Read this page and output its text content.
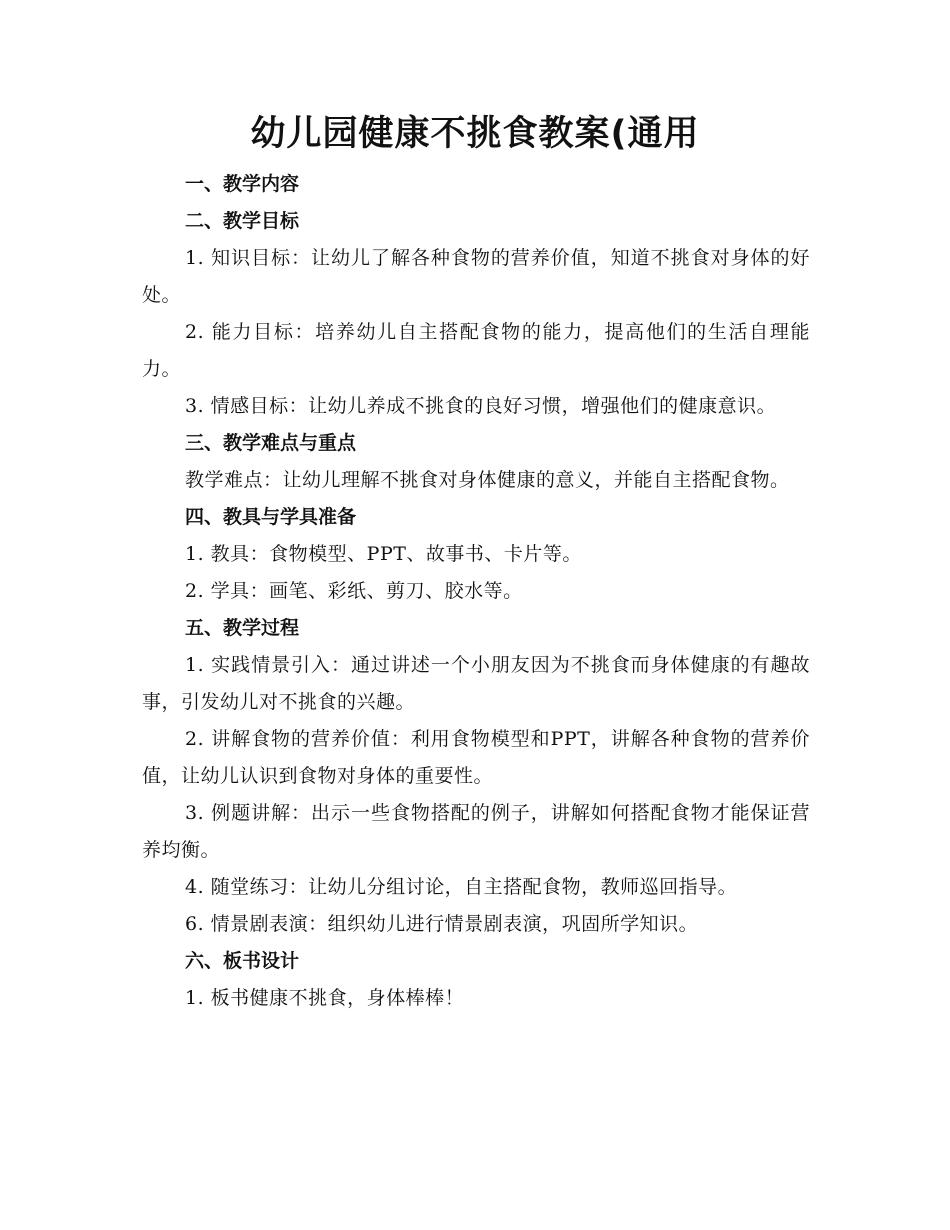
幼儿园健康不挑食教案(通用

一、教学内容

二、教学目标

1. 知识目标：让幼儿了解各种食物的营养价值，知道不挑食对身体的好处。

2. 能力目标：培养幼儿自主搭配食物的能力，提高他们的生活自理能力。

3. 情感目标：让幼儿养成不挑食的良好习惯，增强他们的健康意识。

三、教学难点与重点

教学难点：让幼儿理解不挑食对身体健康的意义，并能自主搭配食物。

四、教具与学具准备

1. 教具：食物模型、PPT、故事书、卡片等。

2. 学具：画笔、彩纸、剪刀、胶水等。

五、教学过程

1. 实践情景引入：通过讲述一个小朋友因为不挑食而身体健康的有趣故事，引发幼儿对不挑食的兴趣。

2. 讲解食物的营养价值：利用食物模型和PPT，讲解各种食物的营养价值，让幼儿认识到食物对身体的重要性。

3. 例题讲解：出示一些食物搭配的例子，讲解如何搭配食物才能保证营养均衡。

4. 随堂练习：让幼儿分组讨论，自主搭配食物，教师巡回指导。

6. 情景剧表演：组织幼儿进行情景剧表演，巩固所学知识。

六、板书设计

1. 板书健康不挑食，身体棒棒！
